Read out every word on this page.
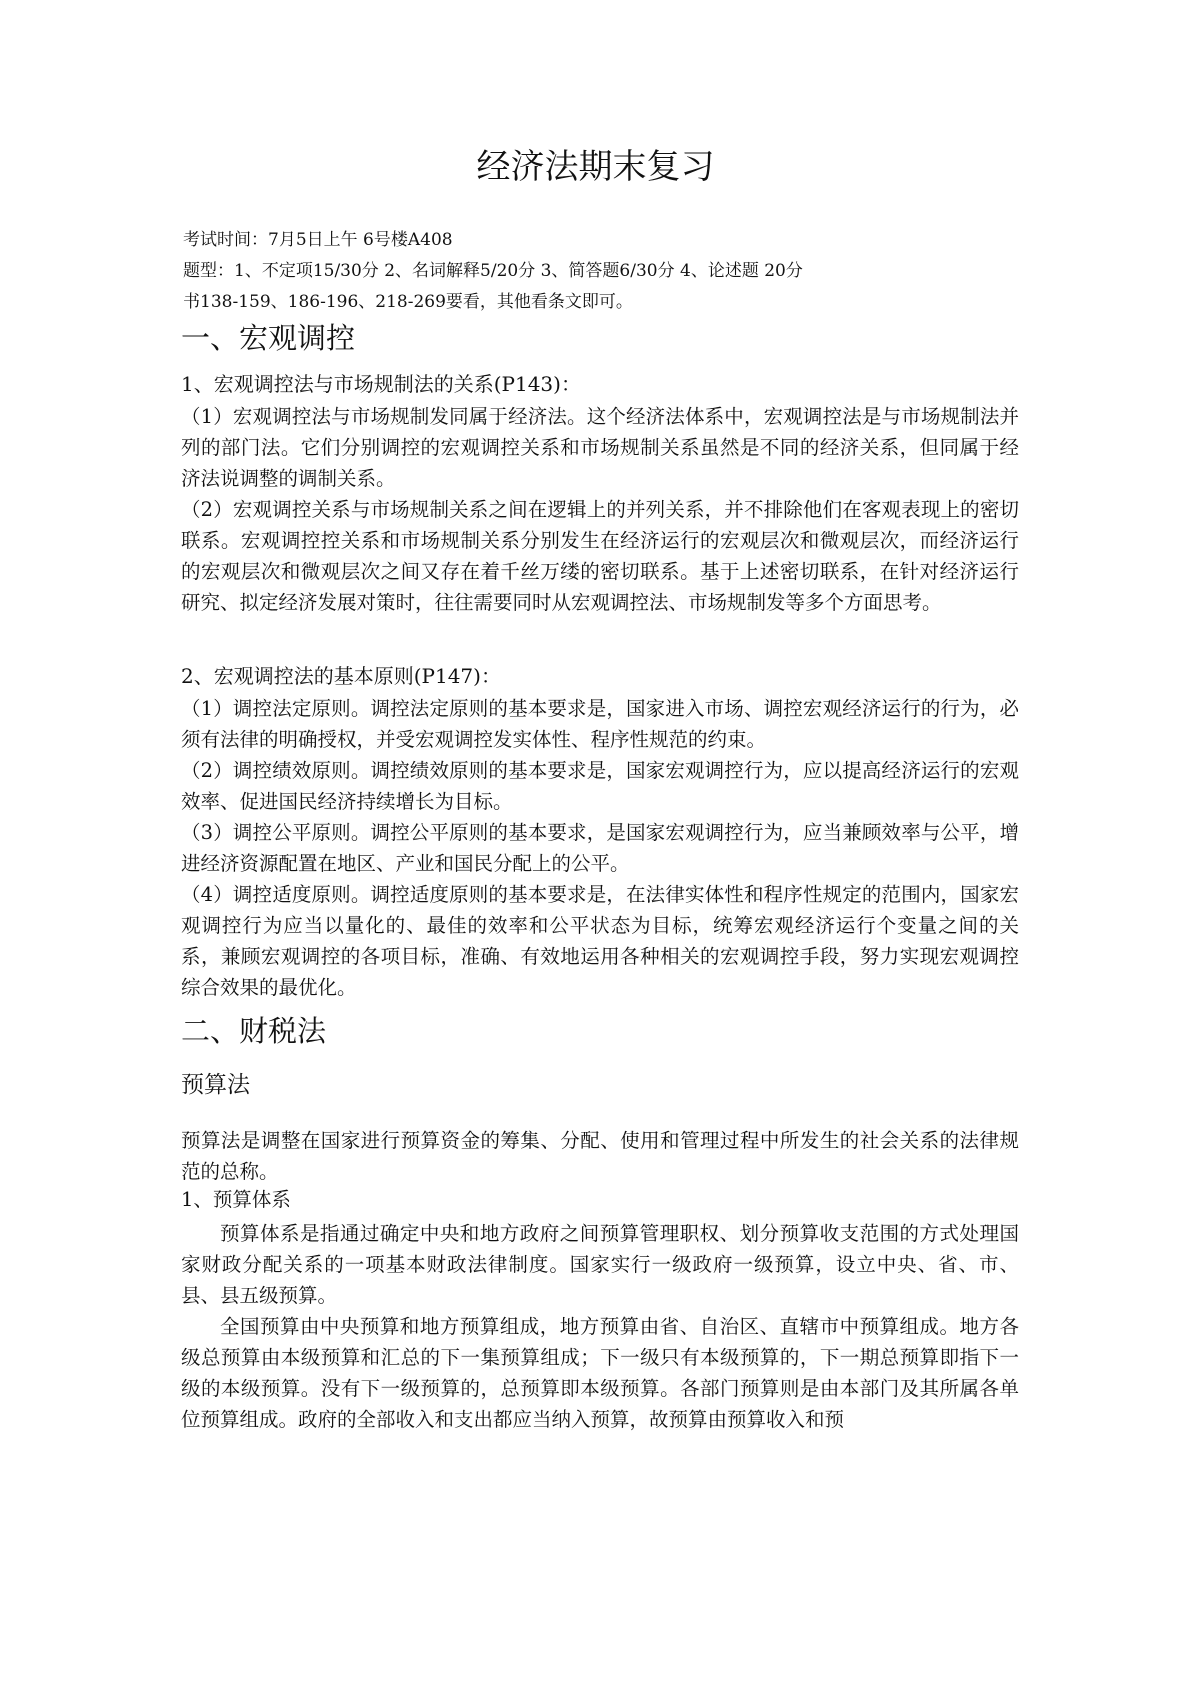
经济法期末复习
考试时间：7月5日上午 6号楼A408
题型：1、不定项15/30分 2、名词解释5/20分 3、简答题6/30分 4、论述题 20分
书138-159、186-196、218-269要看，其他看条文即可。
一、宏观调控
1、宏观调控法与市场规制法的关系(P143)：

（1）宏观调控法与市场规制发同属于经济法。这个经济法体系中，宏观调控法是与市场规制法并列的部门法。它们分别调控的宏观调控关系和市场规制关系虽然是不同的经济关系，但同属于经济法说调整的调制关系。

（2）宏观调控关系与市场规制关系之间在逻辑上的并列关系，并不排除他们在客观表现上的密切联系。宏观调控控关系和市场规制关系分别发生在经济运行的宏观层次和微观层次，而经济运行的宏观层次和微观层次之间又存在着千丝万缕的密切联系。基于上述密切联系，在针对经济运行研究、拟定经济发展对策时，往往需要同时从宏观调控法、市场规制发等多个方面思考。

2、宏观调控法的基本原则(P147)：

（1）调控法定原则。调控法定原则的基本要求是，国家进入市场、调控宏观经济运行的行为，必须有法律的明确授权，并受宏观调控发实体性、程序性规范的约束。

（2）调控绩效原则。调控绩效原则的基本要求是，国家宏观调控行为，应以提高经济运行的宏观效率、促进国民经济持续增长为目标。

（3）调控公平原则。调控公平原则的基本要求，是国家宏观调控行为，应当兼顾效率与公平，增进经济资源配置在地区、产业和国民分配上的公平。

（4）调控适度原则。调控适度原则的基本要求是，在法律实体性和程序性规定的范围内，国家宏观调控行为应当以量化的、最佳的效率和公平状态为目标，统筹宏观经济运行个变量之间的关系，兼顾宏观调控的各项目标，准确、有效地运用各种相关的宏观调控手段，努力实现宏观调控综合效果的最优化。

二、财税法
预算法

预算法是调整在国家进行预算资金的筹集、分配、使用和管理过程中所发生的社会关系的法律规范的总称。

1、预算体系

预算体系是指通过确定中央和地方政府之间预算管理职权、划分预算收支范围的方式处理国家财政分配关系的一项基本财政法律制度。国家实行一级政府一级预算，设立中央、省、市、县、县五级预算。

全国预算由中央预算和地方预算组成，地方预算由省、自治区、直辖市中预算组成。地方各级总预算由本级预算和汇总的下一集预算组成；下一级只有本级预算的，下一期总预算即指下一级的本级预算。没有下一级预算的，总预算即本级预算。各部门预算则是由本部门及其所属各单位预算组成。政府的全部收入和支出都应当纳入预算，故预算由预算收入和预
